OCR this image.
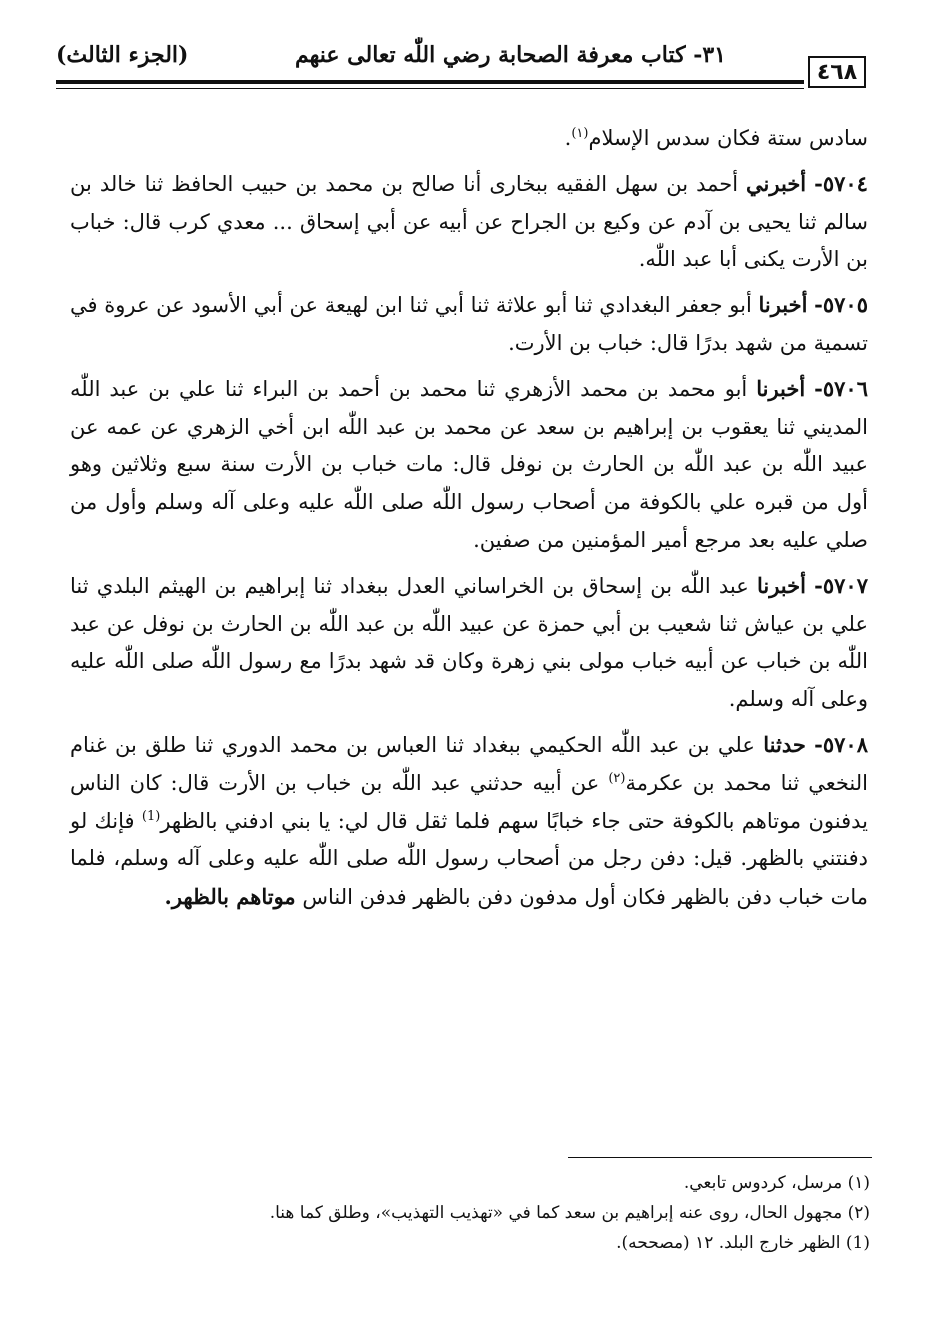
٤٦٨
٣١- كتاب معرفة الصحابة رضي اللّٰه تعالى عنهم
(الجزء الثالث)

سادس ستة فكان سدس الإسلام$^{(١)}$.

٥٧٠٤- أخبرني أحمد بن سهل الفقيه ببخارى أنا صالح بن محمد بن حبيب الحافظ ثنا خالد بن سالم ثنا يحيى بن آدم عن وكيع بن الجراح عن أبيه عن أبي إسحاق ... معدي كرب قال: خباب بن الأرت يكنى أبا عبد اللّٰه.

٥٧٠٥- أخبرنا أبو جعفر البغدادي ثنا أبو علاثة ثنا أبي ثنا ابن لهيعة عن أبي الأسود عن عروة في تسمية من شهد بدرًا قال: خباب بن الأرت.

٥٧٠٦- أخبرنا أبو محمد بن محمد الأزهري ثنا محمد بن أحمد بن البراء ثنا علي بن عبد اللّٰه المديني ثنا يعقوب بن إبراهيم بن سعد عن محمد بن عبد اللّٰه ابن أخي الزهري عن عمه عن عبيد اللّٰه بن عبد اللّٰه بن الحارث بن نوفل قال: مات خباب بن الأرت سنة سبع وثلاثين وهو أول من قبره علي بالكوفة من أصحاب رسول اللّٰه صلى اللّٰه عليه وعلى آله وسلم وأول من صلي عليه بعد مرجع أمير المؤمنين من صفين.

٥٧٠٧- أخبرنا عبد اللّٰه بن إسحاق بن الخراساني العدل ببغداد ثنا إبراهيم بن الهيثم البلدي ثنا علي بن عياش ثنا شعيب بن أبي حمزة عن عبيد اللّٰه بن عبد اللّٰه بن الحارث بن نوفل عن عبد اللّٰه بن خباب عن أبيه خباب مولى بني زهرة وكان قد شهد بدرًا مع رسول اللّٰه صلى اللّٰه عليه وعلى آله وسلم.

٥٧٠٨- حدثنا علي بن عبد اللّٰه الحكيمي ببغداد ثنا العباس بن محمد الدوري ثنا طلق بن غنام النخعي ثنا محمد بن عكرمة$^{(٢)}$ عن أبيه حدثني عبد اللّٰه بن خباب بن الأرت قال: كان الناس يدفنون موتاهم بالكوفة حتى جاء خبابًا سهم فلما ثقل قال لي: يا بني ادفني بالظهر$^{(1)}$ فإنك لو دفنتني بالظهر. قيل: دفن رجل من أصحاب رسول اللّٰه صلى اللّٰه عليه وعلى آله وسلم، فلما مات خباب دفن بالظهر فكان أول مدفون دفن بالظهر فدفن الناس موتاهم بالظهر.

(١) مرسل، كردوس تابعي.

(٢) مجهول الحال، روى عنه إبراهيم بن سعد كما في «تهذيب التهذيب»، وطلق كما هنا.

(1) الظهر خارج البلد. ١٢ (مصححه).
